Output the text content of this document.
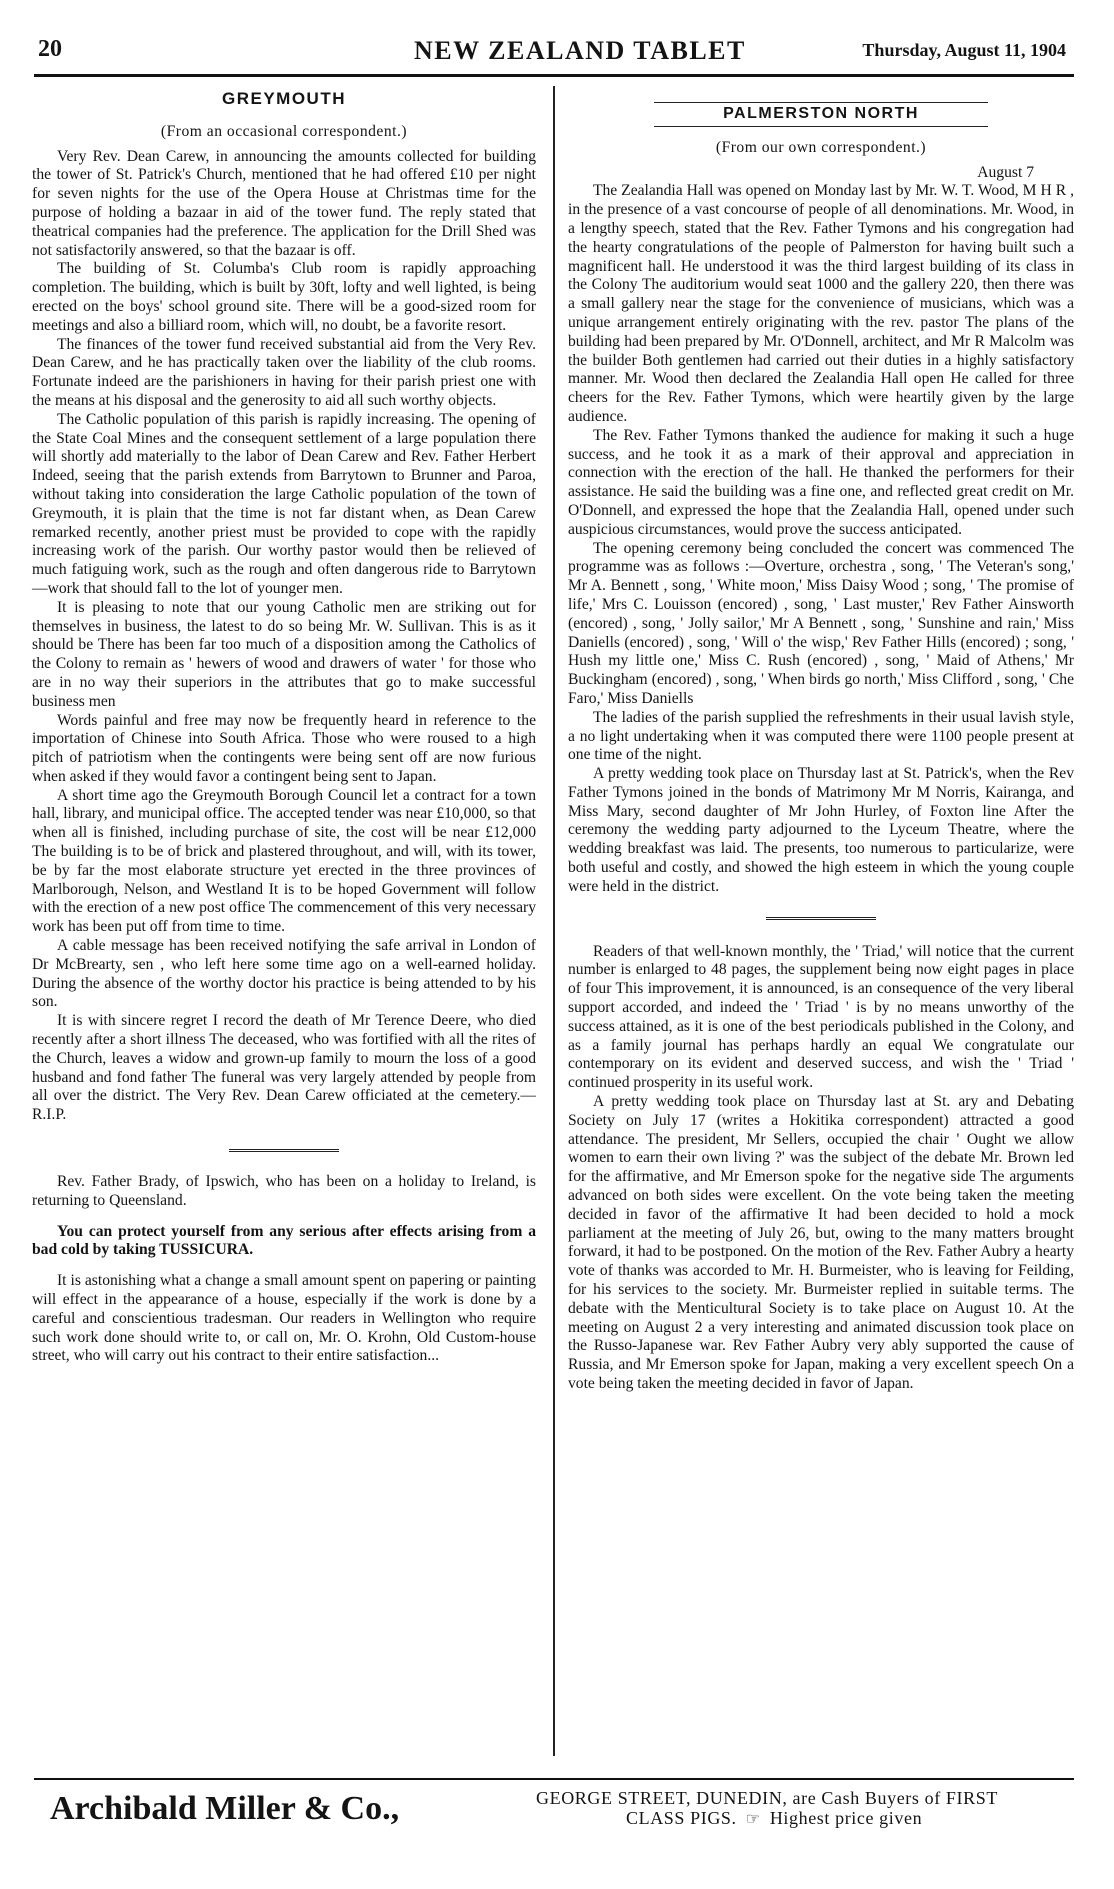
20	NEW ZEALAND TABLET	Thursday, August 11, 1904
GREYMOUTH
(From an occasional correspondent.)

Very Rev. Dean Carew, in announcing the amounts collected for building the tower of St. Patrick's Church, mentioned that he had offered £10 per night for seven nights for the use of the Opera House at Christmas time for the purpose of holding a bazaar in aid of the tower fund. The reply stated that theatrical companies had the preference. The application for the Drill Shed was not satisfactorily answered, so that the bazaar is off.

The building of St. Columba's Club room is rapidly approaching completion. The building, which is built by 30ft, lofty and well lighted, is being erected on the boys' school ground site. There will be a good-sized room for meetings and also a billiard room, which will, no doubt, be a favorite resort.

The finances of the tower fund received substantial aid from the Very Rev. Dean Carew, and he has practically taken over the liability of the club rooms. Fortunate indeed are the parishioners in having for their parish priest one with the means at his disposal and the generosity to aid all such worthy objects.

The Catholic population of this parish is rapidly increasing. The opening of the State Coal Mines and the consequent settlement of a large population there will shortly add materially to the labor of Dean Carew and Rev. Father Herbert Indeed, seeing that the parish extends from Barrytown to Brunner and Paroa, without taking into consideration the large Catholic population of the town of Greymouth, it is plain that the time is not far distant when, as Dean Carew remarked recently, another priest must be provided to cope with the rapidly increasing work of the parish. Our worthy pastor would then be relieved of much fatiguing work, such as the rough and often dangerous ride to Barrytown—work that should fall to the lot of younger men.

It is pleasing to note that our young Catholic men are striking out for themselves in business, the latest to do so being Mr. W. Sullivan. This is as it should be There has been far too much of a disposition among the Catholics of the Colony to remain as ' hewers of wood and drawers of water ' for those who are in no way their superiors in the attributes that go to make successful business men

Words painful and free may now be frequently heard in reference to the importation of Chinese into South Africa. Those who were roused to a high pitch of patriotism when the contingents were being sent off are now furious when asked if they would favor a contingent being sent to Japan.

A short time ago the Greymouth Borough Council let a contract for a town hall, library, and municipal office. The accepted tender was near £10,000, so that when all is finished, including purchase of site, the cost will be near £12,000 The building is to be of brick and plastered throughout, and will, with its tower, be by far the most elaborate structure yet erected in the three provinces of Marlborough, Nelson, and Westland It is to be hoped Government will follow with the erection of a new post office The commencement of this very necessary work has been put off from time to time.

A cable message has been received notifying the safe arrival in London of Dr McBrearty, sen , who left here some time ago on a well-earned holiday. During the absence of the worthy doctor his practice is being attended to by his son.

It is with sincere regret I record the death of Mr Terence Deere, who died recently after a short illness The deceased, who was fortified with all the rites of the Church, leaves a widow and grown-up family to mourn the loss of a good husband and fond father The funeral was very largely attended by people from all over the district. The Very Rev. Dean Carew officiated at the cemetery.—R.I.P.

Rev. Father Brady, of Ipswich, who has been on a holiday to Ireland, is returning to Queensland.

You can protect yourself from any serious after effects arising from a bad cold by taking TUSSICURA.

It is astonishing what a change a small amount spent on papering or painting will effect in the appearance of a house, especially if the work is done by a careful and conscientious tradesman. Our readers in Wellington who require such work done should write to, or call on, Mr. O. Krohn, Old Custom-house street, who will carry out his contract to their entire satisfaction...

PALMERSTON NORTH
(From our own correspondent.)
August 7

The Zealandia Hall was opened on Monday last by Mr. W. T. Wood, M H R , in the presence of a vast concourse of people of all denominations. Mr. Wood, in a lengthy speech, stated that the Rev. Father Tymons and his congregation had the hearty congratulations of the people of Palmerston for having built such a magnificent hall. He understood it was the third largest building of its class in the Colony The auditorium would seat 1000 and the gallery 220, then there was a small gallery near the stage for the convenience of musicians, which was a unique arrangement entirely originating with the rev. pastor The plans of the building had been prepared by Mr. O'Donnell, architect, and Mr R Malcolm was the builder Both gentlemen had carried out their duties in a highly satisfactory manner. Mr. Wood then declared the Zealandia Hall open He called for three cheers for the Rev. Father Tymons, which were heartily given by the large audience.

The Rev. Father Tymons thanked the audience for making it such a huge success, and he took it as a mark of their approval and appreciation in connection with the erection of the hall. He thanked the performers for their assistance. He said the building was a fine one, and reflected great credit on Mr. O'Donnell, and expressed the hope that the Zealandia Hall, opened under such auspicious circumstances, would prove the success anticipated.

The opening ceremony being concluded the concert was commenced The programme was as follows :—Overture, orchestra , song, ' The Veteran's song,' Mr A. Bennett , song, ' White moon,' Miss Daisy Wood ; song, ' The promise of life,' Mrs C. Louisson (encored) , song, ' Last muster,' Rev Father Ainsworth (encored) , song, ' Jolly sailor,' Mr A Bennett , song, ' Sunshine and rain,' Miss Daniells (encored) , song, ' Will o' the wisp,' Rev Father Hills (encored) ; song, ' Hush my little one,' Miss C. Rush (encored) , song, ' Maid of Athens,' Mr Buckingham (encored) , song, ' When birds go north,' Miss Clifford , song, ' Che Faro,' Miss Daniells

The ladies of the parish supplied the refreshments in their usual lavish style, a no light undertaking when it was computed there were 1100 people present at one time of the night.

A pretty wedding took place on Thursday last at St. Patrick's, when the Rev Father Tymons joined in the bonds of Matrimony Mr M Norris, Kairanga, and Miss Mary, second daughter of Mr John Hurley, of Foxton line After the ceremony the wedding party adjourned to the Lyceum Theatre, where the wedding breakfast was laid. The presents, too numerous to particularize, were both useful and costly, and showed the high esteem in which the young couple were held in the district.

Readers of that well-known monthly, the ' Triad,' will notice that the current number is enlarged to 48 pages, the supplement being now eight pages in place of four This improvement, it is announced, is an consequence of the very liberal support accorded, and indeed the ' Triad ' is by no means unworthy of the success attained, as it is one of the best periodicals published in the Colony, and as a family journal has perhaps hardly an equal We congratulate our contemporary on its evident and deserved success, and wish the ' Triad ' continued prosperity in its useful work.

A pretty wedding took place on Thursday last at St. ary and Debating Society on July 17 (writes a Hokitika correspondent) attracted a good attendance. The president, Mr Sellers, occupied the chair ' Ought we allow women to earn their own living ?' was the subject of the debate Mr. Brown led for the affirmative, and Mr Emerson spoke for the negative side The arguments advanced on both sides were excellent. On the vote being taken the meeting decided in favor of the affirmative It had been decided to hold a mock parliament at the meeting of July 26, but, owing to the many matters brought forward, it had to be postponed. On the motion of the Rev. Father Aubry a hearty vote of thanks was accorded to Mr. H. Burmeister, who is leaving for Feilding, for his services to the society. Mr. Burmeister replied in suitable terms. The debate with the Menticultural Society is to take place on August 10. At the meeting on August 2 a very interesting and animated discussion took place on the Russo-Japanese war. Rev Father Aubry very ably supported the cause of Russia, and Mr Emerson spoke for Japan, making a very excellent speech On a vote being taken the meeting decided in favor of Japan.

Archibald Miller & Co.,	GEORGE STREET, DUNEDIN, are Cash Buyers of FIRST
CLASS PIGS. ☞ Highest price given
